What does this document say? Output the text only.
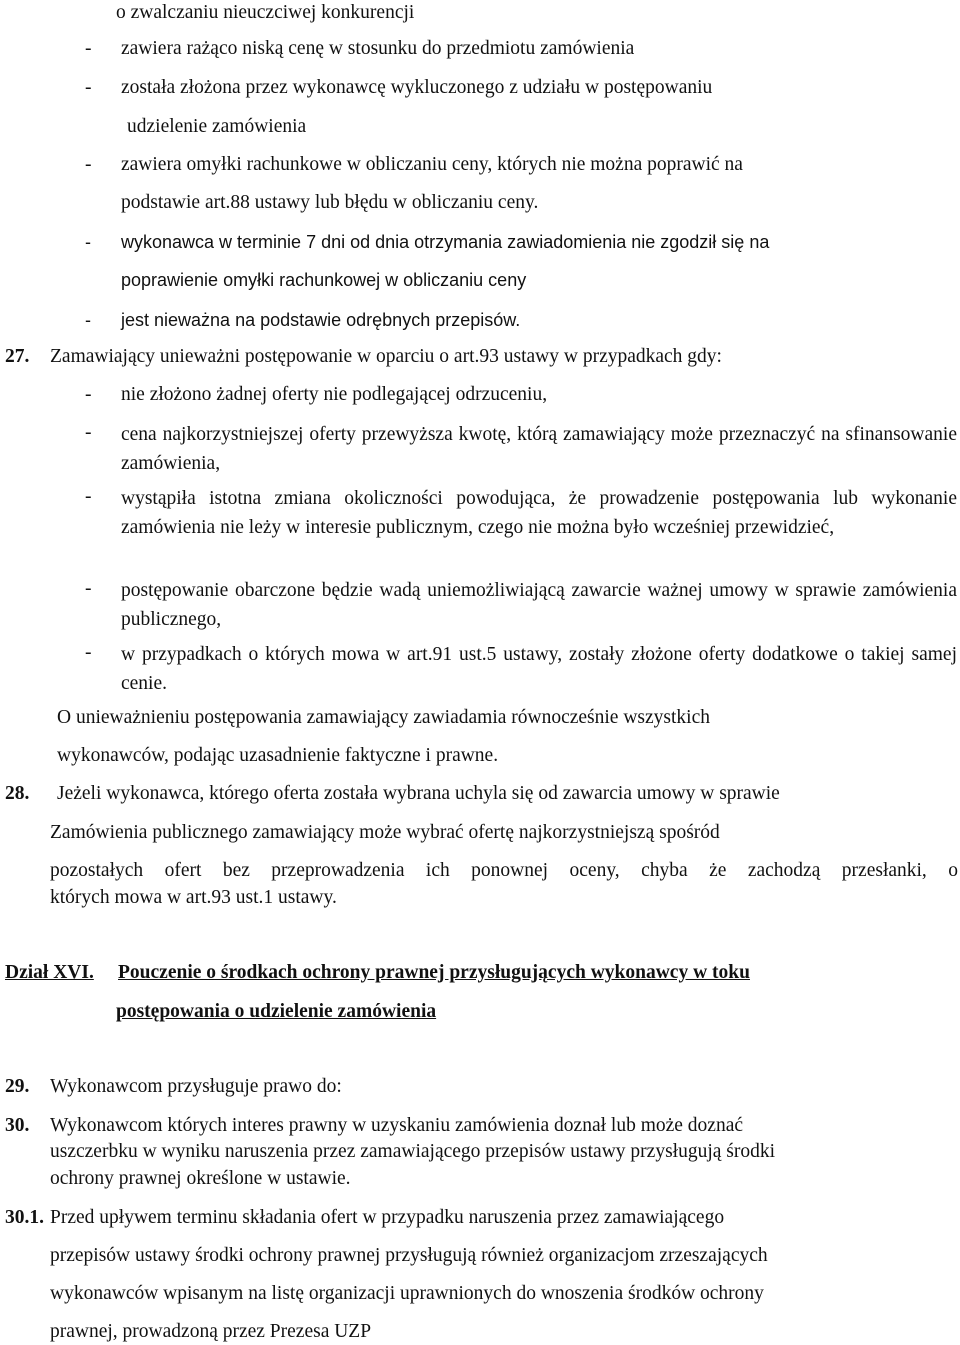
o zwalczaniu nieuczciwej konkurencji

- zawiera rażąco niską cenę w stosunku do przedmiotu zamówienia
- została złożona przez wykonawcę wykluczonego z udziału w postępowaniu

udzielenie zamówienia

- zawiera omyłki rachunkowe w obliczaniu ceny, których nie można poprawić na

podstawie art.88 ustawy lub błędu w obliczaniu ceny.

- wykonawca w terminie 7 dni od dnia otrzymania zawiadomienia nie zgodził się na

poprawienie omyłki rachunkowej w obliczaniu ceny

- jest nieważna na podstawie odrębnych przepisów.
27. Zamawiający unieważni postępowanie w oparciu o art.93 ustawy w przypadkach gdy:
- nie złożono żadnej oferty nie podlegającej odrzuceniu,
- cena najkorzystniejszej oferty przewyższa kwotę, którą zamawiający może przeznaczyć na sfinansowanie zamówienia,
- wystąpiła istotna zmiana okoliczności powodująca, że prowadzenie postępowania lub wykonanie zamówienia nie leży w interesie publicznym, czego nie można było wcześniej przewidzieć,
- postępowanie obarczone będzie wadą uniemożliwiającą zawarcie ważnej umowy w sprawie zamówienia publicznego,
- w przypadkach o których mowa w art.91 ust.5 ustawy, zostały złożone oferty dodatkowe o takiej samej cenie.

O unieważnieniu postępowania zamawiający zawiadamia równocześnie wszystkich

wykonawców, podając uzasadnienie faktyczne i prawne.

28. Jeżeli wykonawca, którego oferta została wybrana uchyla się od zawarcia umowy w sprawie

Zamówienia publicznego zamawiający może wybrać ofertę najkorzystniejszą spośród

pozostałych ofert bez przeprowadzenia ich ponownej oceny, chyba że zachodzą przesłanki, o

których mowa w art.93 ust.1 ustawy.

Dział XVI. Pouczenie o środkach ochrony prawnej przysługujących wykonawcy w toku

postępowania o udzielenie zamówienia

29. Wykonawcom przysługuje prawo do:
30. Wykonawcom których interes prawny w uzyskaniu zamówienia doznał lub może doznać

uszczerbku w wyniku naruszenia przez zamawiającego przepisów ustawy przysługują środki

ochrony prawnej określone w ustawie.

30.1. Przed upływem terminu składania ofert w przypadku naruszenia przez zamawiającego

przepisów ustawy środki ochrony prawnej przysługują również organizacjom zrzeszających

wykonawców wpisanym na listę organizacji uprawnionych do wnoszenia środków ochrony

prawnej, prowadzoną przez Prezesa UZP
